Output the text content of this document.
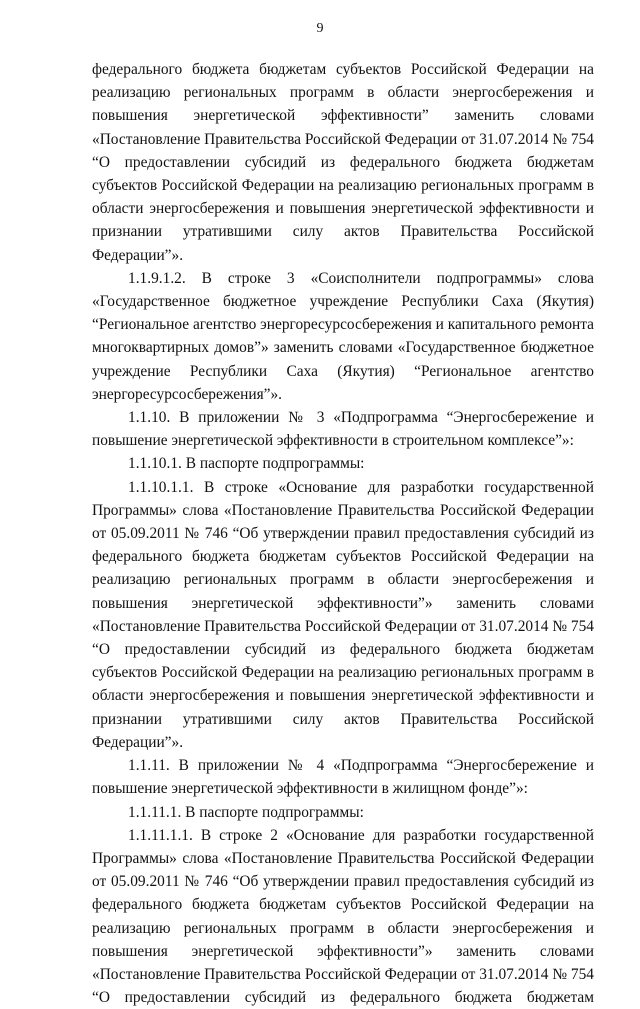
9

федерального бюджета бюджетам субъектов Российской Федерации на реализацию региональных программ в области энергосбережения и повышения энергетической эффективности” заменить словами «Постановление Правительства Российской Федерации от 31.07.2014 № 754 “О предоставлении субсидий из федерального бюджета бюджетам субъектов Российской Федерации на реализацию региональных программ в области энергосбережения и повышения энергетической эффективности и признании утратившими силу актов Правительства Российской Федерации”».

1.1.9.1.2. В строке 3 «Соисполнители подпрограммы» слова «Государственное бюджетное учреждение Республики Саха (Якутия) “Региональное агентство энергоресурсосбережения и капитального ремонта многоквартирных домов”» заменить словами «Государственное бюджетное учреждение Республики Саха (Якутия) “Региональное агентство энергоресурсосбережения”».

1.1.10. В приложении № 3 «Подпрограмма “Энергосбережение и повышение энергетической эффективности в строительном комплексе”»:

1.1.10.1. В паспорте подпрограммы:

1.1.10.1.1. В строке «Основание для разработки государственной Программы» слова «Постановление Правительства Российской Федерации от 05.09.2011 № 746 “Об утверждении правил предоставления субсидий из федерального бюджета бюджетам субъектов Российской Федерации на реализацию региональных программ в области энергосбережения и повышения энергетической эффективности”» заменить словами «Постановление Правительства Российской Федерации от 31.07.2014 № 754 “О предоставлении субсидий из федерального бюджета бюджетам субъектов Российской Федерации на реализацию региональных программ в области энергосбережения и повышения энергетической эффективности и признании утратившими силу актов Правительства Российской Федерации”».

1.1.11. В приложении № 4 «Подпрограмма “Энергосбережение и повышение энергетической эффективности в жилищном фонде”»:

1.1.11.1. В паспорте подпрограммы:

1.1.11.1.1. В строке 2 «Основание для разработки государственной Программы» слова «Постановление Правительства Российской Федерации от 05.09.2011 № 746 “Об утверждении правил предоставления субсидий из федерального бюджета бюджетам субъектов Российской Федерации на реализацию региональных программ в области энергосбережения и повышения энергетической эффективности”» заменить словами «Постановление Правительства Российской Федерации от 31.07.2014 № 754 “О предоставлении субсидий из федерального бюджета бюджетам
